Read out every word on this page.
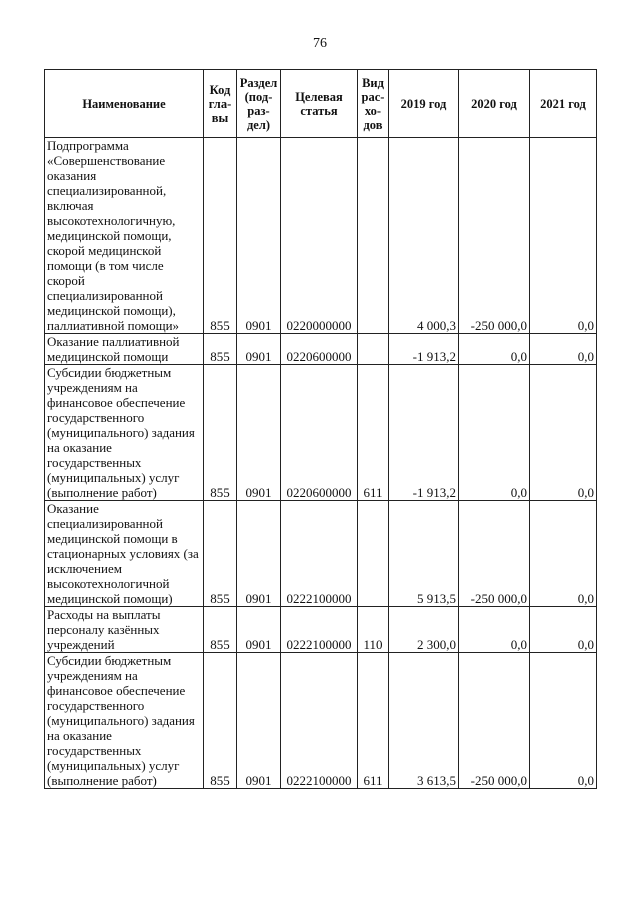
76
Наименование	Код гла-вы	Раздел (под-раз-дел)	Целевая статья	Вид рас-хо-дов	2019 год	2020 год	2021 год
Подпрограмма «Совершенствование оказания специализированной, включая высокотехнологичную, медицинской помощи, скорой медицинской помощи (в том числе скорой специализированной медицинской помощи), паллиативной помощи»	855	0901	0220000000		4 000,3	-250 000,0	0,0
Оказание паллиативной медицинской помощи	855	0901	0220600000		-1 913,2	0,0	0,0
Субсидии бюджетным учреждениям на финансовое обеспечение государственного (муниципального) задания на оказание государственных (муниципальных) услуг (выполнение работ)	855	0901	0220600000	611	-1 913,2	0,0	0,0
Оказание специализированной медицинской помощи в стационарных условиях (за исключением высокотехнологичной медицинской помощи)	855	0901	0222100000		5 913,5	-250 000,0	0,0
Расходы на выплаты персоналу казённых учреждений	855	0901	0222100000	110	2 300,0	0,0	0,0
Субсидии бюджетным учреждениям на финансовое обеспечение государственного (муниципального) задания на оказание государственных (муниципальных) услуг (выполнение работ)	855	0901	0222100000	611	3 613,5	-250 000,0	0,0
